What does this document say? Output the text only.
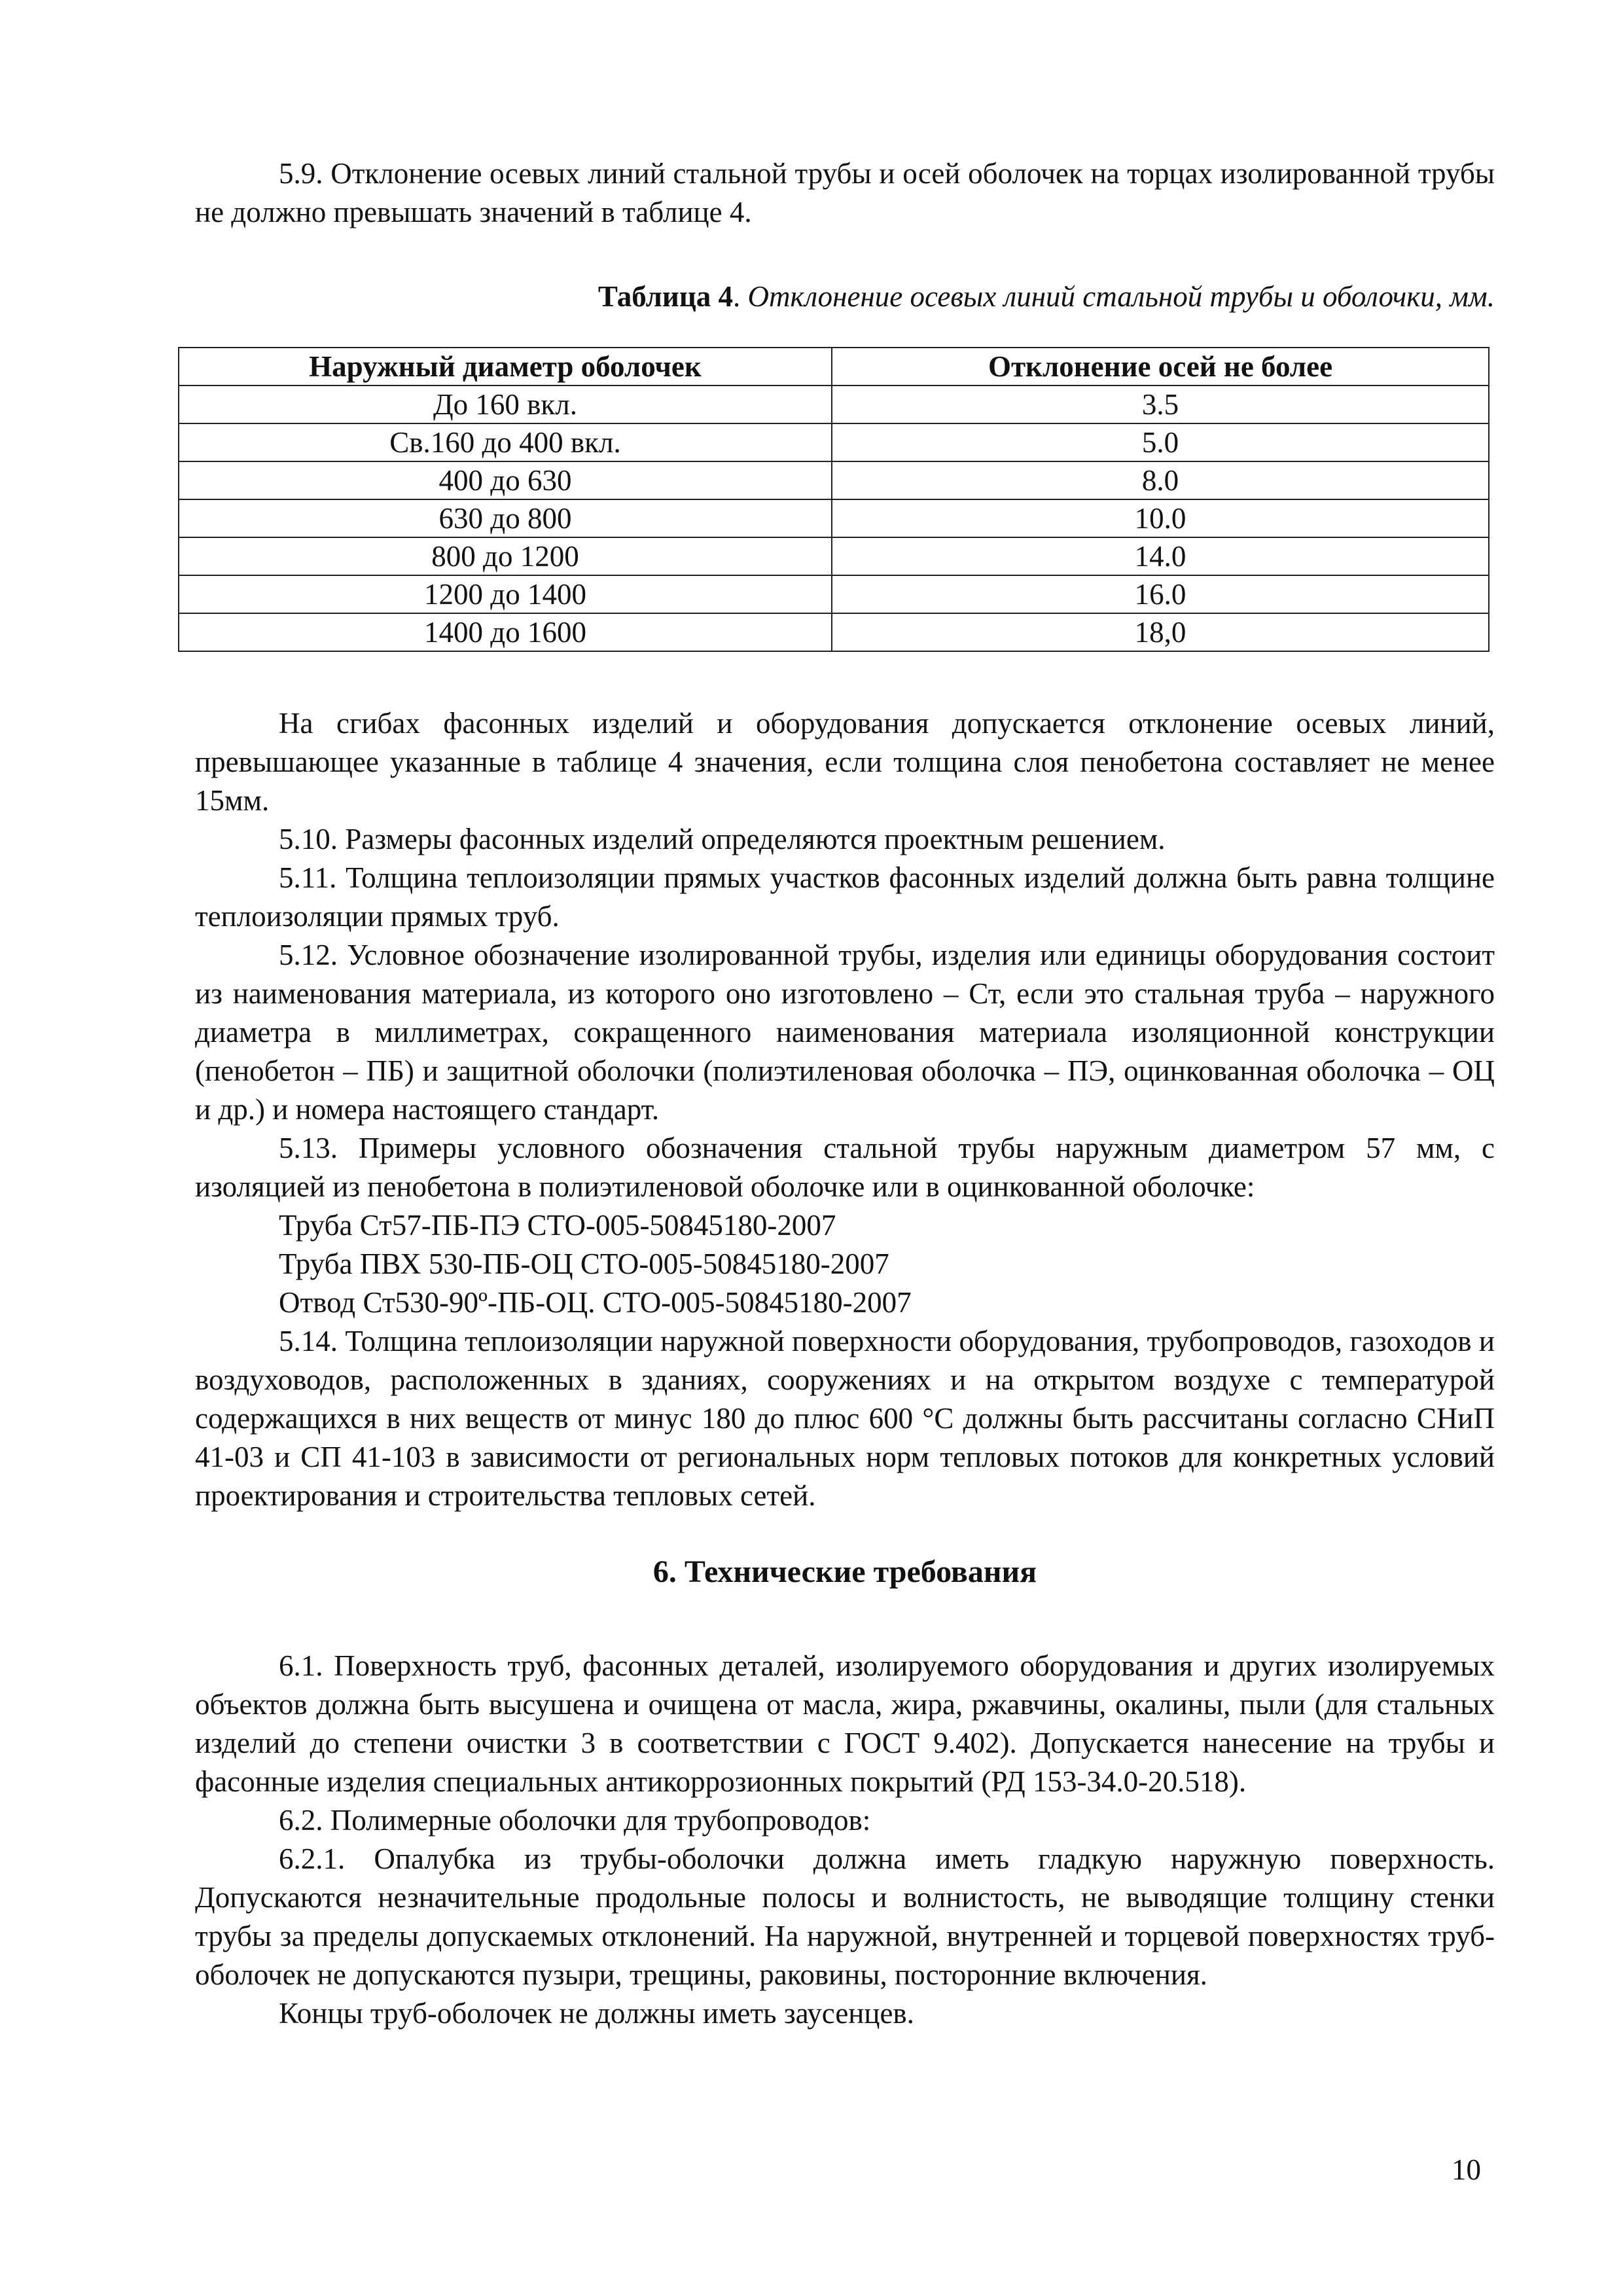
5.9. Отклонение осевых линий стальной трубы и осей оболочек на торцах изолированной трубы не должно превышать значений в таблице 4.

Таблица 4. Отклонение осевых линий стальной трубы и оболочки, мм.
Наружный диаметр оболочек	Отклонение осей не более
До 160 вкл.	3.5
Св.160 до 400 вкл.	5.0
400 до 630	8.0
630 до 800	10.0
800 до 1200	14.0
1200 до 1400	16.0
1400 до 1600	18,0

На сгибах фасонных изделий и оборудования допускается отклонение осевых линий, превышающее указанные в таблице 4 значения, если толщина слоя пенобетона составляет не менее 15мм.

5.10. Размеры фасонных изделий определяются проектным решением.

5.11. Толщина теплоизоляции прямых участков фасонных изделий должна быть равна толщине теплоизоляции прямых труб.

5.12. Условное обозначение изолированной трубы, изделия или единицы оборудования состоит из наименования материала, из которого оно изготовлено – Ст, если это стальная труба – наружного диаметра в миллиметрах, сокращенного наименования материала изоляционной конструкции (пенобетон – ПБ) и защитной оболочки (полиэтиленовая оболочка – ПЭ, оцинкованная оболочка – ОЦ и др.) и номера настоящего стандарт.

5.13. Примеры условного обозначения стальной трубы наружным диаметром 57 мм, с изоляцией из пенобетона в полиэтиленовой оболочке или в оцинкованной оболочке:

Труба Ст57-ПБ-ПЭ СТО-005-50845180-2007

Труба ПВХ 530-ПБ-ОЦ СТО-005-50845180-2007

Отвод Ст530-90º-ПБ-ОЦ. СТО-005-50845180-2007

5.14. Толщина теплоизоляции наружной поверхности оборудования, трубопроводов, газоходов и воздуховодов, расположенных в зданиях, сооружениях и на открытом воздухе с температурой содержащихся в них веществ от минус 180 до плюс 600 °С должны быть рассчитаны согласно СНиП 41-03 и СП 41-103 в зависимости от региональных норм тепловых потоков для конкретных условий проектирования и строительства тепловых сетей.

6. Технические требования

6.1. Поверхность труб, фасонных деталей, изолируемого оборудования и других изолируемых объектов должна быть высушена и очищена от масла, жира, ржавчины, окалины, пыли (для стальных изделий до степени очистки 3 в соответствии с ГОСТ 9.402). Допускается нанесение на трубы и фасонные изделия специальных антикоррозионных покрытий (РД 153-34.0-20.518).

6.2. Полимерные оболочки для трубопроводов:

6.2.1. Опалубка из трубы-оболочки должна иметь гладкую наружную поверхность. Допускаются незначительные продольные полосы и волнистость, не выводящие толщину стенки трубы за пределы допускаемых отклонений. На наружной, внутренней и торцевой поверхностях труб-оболочек не допускаются пузыри, трещины, раковины, посторонние включения.

Концы труб-оболочек не должны иметь заусенцев.

10
